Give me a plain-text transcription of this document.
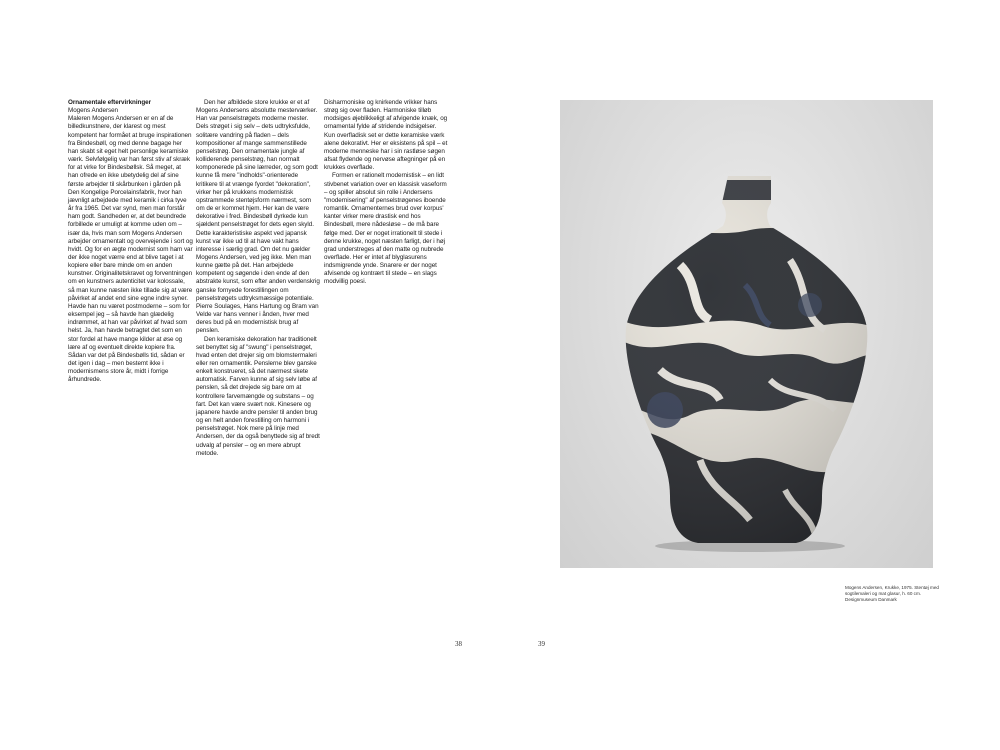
Ornamentale eftervirkninger

Mogens Andersen

Maleren Mogens Andersen er en af de billedkunstnere, der klarest og mest kompetent har formået at bruge inspirationen fra Bindesbøll, og med denne bagage her han skabt sit eget helt personlige keramiske værk. Selvfølgelig var han først stiv af skræk for at virke for Bindesbøllsk. Så meget, at han ofrede en ikke ubetydelig del af sine første arbejder til skårbunken i gården på Den Kongelige Porcelainsfabrik, hvor han jævnligt arbejdede med keramik i cirka tyve år fra 1965. Det var synd, men man forstår ham godt. Sandheden er, at det beundrede forbillede er umuligt at komme uden om – især da, hvis man som Mogens Andersen arbejder ornamentalt og overvejende i sort og hvidt. Og for en ægte modernist som ham var der ikke noget værre end at blive taget i at kopiere eller bare minde om en anden kunstner. Originalitetskravet og forventningen om en kunstners autenticitet var kolossale, så man kunne næsten ikke tillade sig at være påvirket af andet end sine egne indre syner. Havde han nu været postmoderne – som for eksempel jeg – så havde han glædelig indrømmet, at han var påvirket af hvad som helst. Ja, han havde betragtet det som en stor fordel at have mange kilder at øse og lære af og eventuelt direkte kopiere fra. Sådan var det på Bindesbølls tid, sådan er det igen i dag – men bestemt ikke i modernismens store år, midt i forrige århundrede.

Den her afbildede store krukke er et af Mogens Andersens absolutte mesterværker. Han var penselstrøgets moderne mester. Dels strøget i sig selv – dets udtryksfulde, solitære vandring på fladen – dels kompositioner af mange sammenstillede penselstrøg. Den ornamentale jungle af kolliderende penselstrøg, han normalt komponerede på sine lærreder, og som godt kunne få mere "indholds"-orienterede kritikere til at vrænge fyordet "dekoration", virker her på krukkens modernistisk opstrammede stentøjsform nærmest, som om de er kommet hjem. Her kan de være dekorative i fred. Bindesbøll dyrkede kun sjældent penselstrøget for dets egen skyld. Dette karakteristiske aspekt ved japansk kunst var ikke ud til at have vakt hans interesse i særlig grad. Om det nu gælder Mogens Andersen, ved jeg ikke. Men man kunne gætte på det. Han arbejdede kompetent og søgende i den ende af den abstrakte kunst, som efter anden verdenskrig ganske fornyede forestillingen om penselstrøgets udtryksmæssige potentiale. Pierre Soulages, Hans Hartung og Bram van Velde var hans venner i ånden, hver med deres bud på en modernistisk brug af penslen.

Den keramiske dekoration har traditionelt set benyttet sig af "swung" i penselstrøget, hvad enten det drejer sig om blomstermaleri eller ren ornamentik. Penslerne blev ganske enkelt konstrueret, så det nærmest skete automatisk. Farven kunne af sig selv løbe af penslen, så det drejede sig bare om at kontrollere farvemængde og substans – og fart. Det kan være svært nok. Kinesere og japanere havde andre pensler til anden brug og en helt anden forestilling om harmoni i penselstrøget. Nok mere på linje med Andersen, der da også benyttede sig af bredt udvalg af pensler – og en mere abrupt metode.

Disharmoniske og knirkende vrikker hans strøg sig over fladen. Harmoniske tilløb modsiges øjeblikkeligt af afvigende knæk, og ornamental fylde af stridende indsigelser. Kun overfladisk set er dette keramiske værk alene dekorativt. Her er eksistens på spil – et moderne menneske har i sin rastløse søgen afsat flydende og nervøse aftegninger på en krukkes overflade.

Formen er rationelt modernistisk – en lidt stivbenet variation over en klassisk vaseform – og spiller absolut sin rolle i Andersens "modernisering" af penselstrøgenes iboende romantik. Ornamenternes brud over korpus' kanter virker mere drastisk end hos Bindesbøll, mere nådesløse – de må bare følge med. Der er noget irrationelt til stede i denne krukke, noget næsten farligt, der i høj grad understreges af den matte og nubrede overflade. Her er intet af blyglasurens indsmigrende ynde. Snarere er der noget afvisende og kontrært til stede – en slags modvillig poesi.

Mogens Andersen, Krukke, 1975. Stentøj med sogtilemaleri og mat glasur, h. 60 cm. Designmuseum Danmark
38	39
